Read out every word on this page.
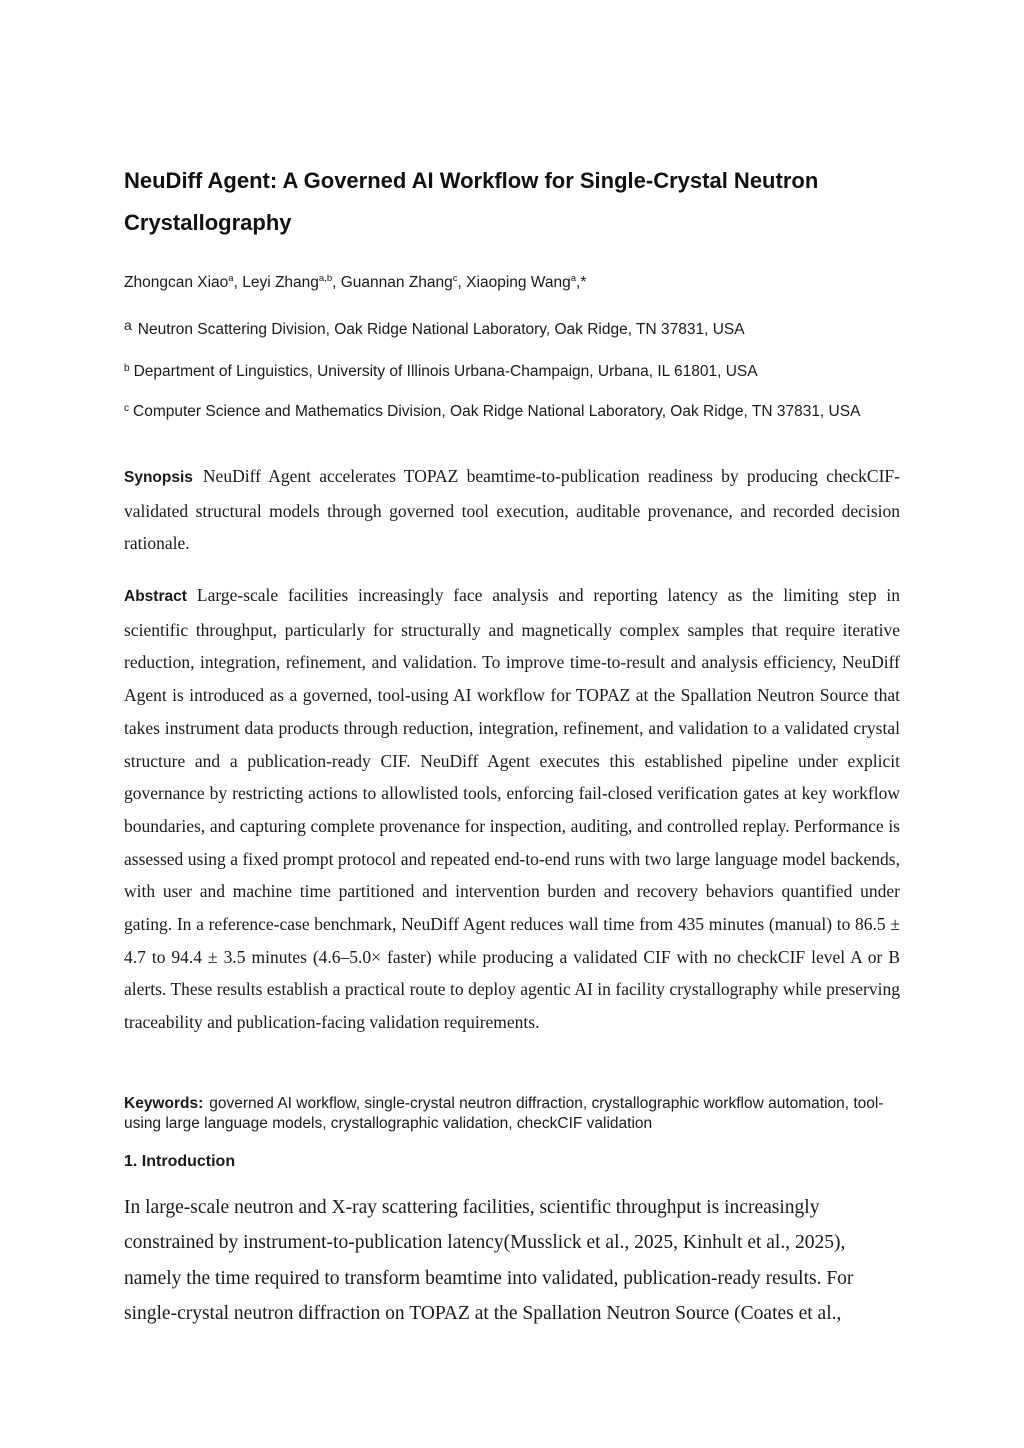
NeuDiff Agent: A Governed AI Workflow for Single-Crystal Neutron Crystallography
Zhongcan Xiao$^a$, Leyi Zhang$^{a,b}$, Guannan Zhang$^c$, Xiaoping Wang$^a$,*
$^a$ Neutron Scattering Division, Oak Ridge National Laboratory, Oak Ridge, TN 37831, USA
$^b$ Department of Linguistics, University of Illinois Urbana-Champaign, Urbana, IL 61801, USA
$^c$ Computer Science and Mathematics Division, Oak Ridge National Laboratory, Oak Ridge, TN 37831, USA

Synopsis NeuDiff Agent accelerates TOPAZ beamtime-to-publication readiness by producing checkCIF-validated structural models through governed tool execution, auditable provenance, and recorded decision rationale.

Abstract Large-scale facilities increasingly face analysis and reporting latency as the limiting step in scientific throughput, particularly for structurally and magnetically complex samples that require iterative reduction, integration, refinement, and validation. To improve time-to-result and analysis efficiency, NeuDiff Agent is introduced as a governed, tool-using AI workflow for TOPAZ at the Spallation Neutron Source that takes instrument data products through reduction, integration, refinement, and validation to a validated crystal structure and a publication-ready CIF. NeuDiff Agent executes this established pipeline under explicit governance by restricting actions to allowlisted tools, enforcing fail-closed verification gates at key workflow boundaries, and capturing complete provenance for inspection, auditing, and controlled replay. Performance is assessed using a fixed prompt protocol and repeated end-to-end runs with two large language model backends, with user and machine time partitioned and intervention burden and recovery behaviors quantified under gating. In a reference-case benchmark, NeuDiff Agent reduces wall time from 435 minutes (manual) to 86.5 ± 4.7 to 94.4 ± 3.5 minutes (4.6–5.0× faster) while producing a validated CIF with no checkCIF level A or B alerts. These results establish a practical route to deploy agentic AI in facility crystallography while preserving traceability and publication-facing validation requirements.

Keywords: governed AI workflow, single-crystal neutron diffraction, crystallographic workflow automation, tool-using large language models, crystallographic validation, checkCIF validation
1. Introduction

In large-scale neutron and X-ray scattering facilities, scientific throughput is increasingly constrained by instrument-to-publication latency(Musslick et al., 2025, Kinhult et al., 2025), namely the time required to transform beamtime into validated, publication-ready results. For single-crystal neutron diffraction on TOPAZ at the Spallation Neutron Source (Coates et al.,
